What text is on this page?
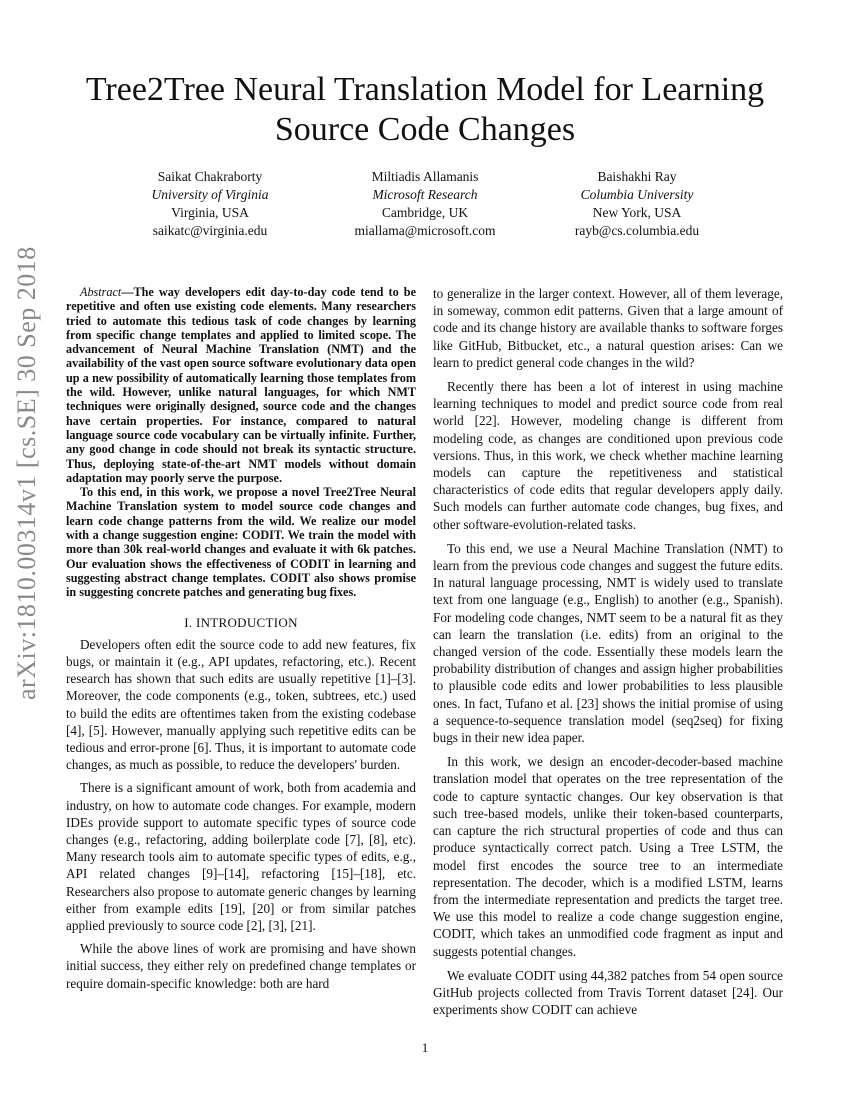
Tree2Tree Neural Translation Model for Learning Source Code Changes
Saikat Chakraborty
University of Virginia
Virginia, USA
saikatc@virginia.edu
Miltiadis Allamanis
Microsoft Research
Cambridge, UK
miallama@microsoft.com
Baishakhi Ray
Columbia University
New York, USA
rayb@cs.columbia.edu
arXiv:1810.00314v1 [cs.SE] 30 Sep 2018	Abstract—The way developers edit day-to-day code tend to be repetitive and often use existing code elements. Many researchers tried to automate this tedious task of code changes by learning from specific change templates and applied to limited scope. The advancement of Neural Machine Translation (NMT) and the availability of the vast open source software evolutionary data open up a new possibility of automatically learning those templates from the wild. However, unlike natural languages, for which NMT techniques were originally designed, source code and the changes have certain properties. For instance, compared to natural language source code vocabulary can be virtually infinite. Further, any good change in code should not break its syntactic structure. Thus, deploying state-of-the-art NMT models without domain adaptation may poorly serve the purpose.

To this end, in this work, we propose a novel Tree2Tree Neural Machine Translation system to model source code changes and learn code change patterns from the wild. We realize our model with a change suggestion engine: CODIT. We train the model with more than 30k real-world changes and evaluate it with 6k patches. Our evaluation shows the effectiveness of CODIT in learning and suggesting abstract change templates. CODIT also shows promise in suggesting concrete patches and generating bug fixes.

I. INTRODUCTION

Developers often edit the source code to add new features, fix bugs, or maintain it (e.g., API updates, refactoring, etc.). Recent research has shown that such edits are usually repetitive [1]–[3]. Moreover, the code components (e.g., token, subtrees, etc.) used to build the edits are oftentimes taken from the existing codebase [4], [5]. However, manually applying such repetitive edits can be tedious and error-prone [6]. Thus, it is important to automate code changes, as much as possible, to reduce the developers' burden.

There is a significant amount of work, both from academia and industry, on how to automate code changes. For example, modern IDEs provide support to automate specific types of source code changes (e.g., refactoring, adding boilerplate code [7], [8], etc). Many research tools aim to automate specific types of edits, e.g., API related changes [9]–[14], refactoring [15]–[18], etc. Researchers also propose to automate generic changes by learning either from example edits [19], [20] or from similar patches applied previously to source code [2], [3], [21].

While the above lines of work are promising and have shown initial success, they either rely on predefined change templates or require domain-specific knowledge: both are hard

to generalize in the larger context. However, all of them leverage, in someway, common edit patterns. Given that a large amount of code and its change history are available thanks to software forges like GitHub, Bitbucket, etc., a natural question arises: Can we learn to predict general code changes in the wild?

Recently there has been a lot of interest in using machine learning techniques to model and predict source code from real world [22]. However, modeling change is different from modeling code, as changes are conditioned upon previous code versions. Thus, in this work, we check whether machine learning models can capture the repetitiveness and statistical characteristics of code edits that regular developers apply daily. Such models can further automate code changes, bug fixes, and other software-evolution-related tasks.

To this end, we use a Neural Machine Translation (NMT) to learn from the previous code changes and suggest the future edits. In natural language processing, NMT is widely used to translate text from one language (e.g., English) to another (e.g., Spanish). For modeling code changes, NMT seem to be a natural fit as they can learn the translation (i.e. edits) from an original to the changed version of the code. Essentially these models learn the probability distribution of changes and assign higher probabilities to plausible code edits and lower probabilities to less plausible ones. In fact, Tufano et al. [23] shows the initial promise of using a sequence-to-sequence translation model (seq2seq) for fixing bugs in their new idea paper.

In this work, we design an encoder-decoder-based machine translation model that operates on the tree representation of the code to capture syntactic changes. Our key observation is that such tree-based models, unlike their token-based counterparts, can capture the rich structural properties of code and thus can produce syntactically correct patch. Using a Tree LSTM, the model first encodes the source tree to an intermediate representation. The decoder, which is a modified LSTM, learns from the intermediate representation and predicts the target tree. We use this model to realize a code change suggestion engine, CODIT, which takes an unmodified code fragment as input and suggests potential changes.

We evaluate CODIT using 44,382 patches from 54 open source GitHub projects collected from Travis Torrent dataset [24]. Our experiments show CODIT can achieve

1
